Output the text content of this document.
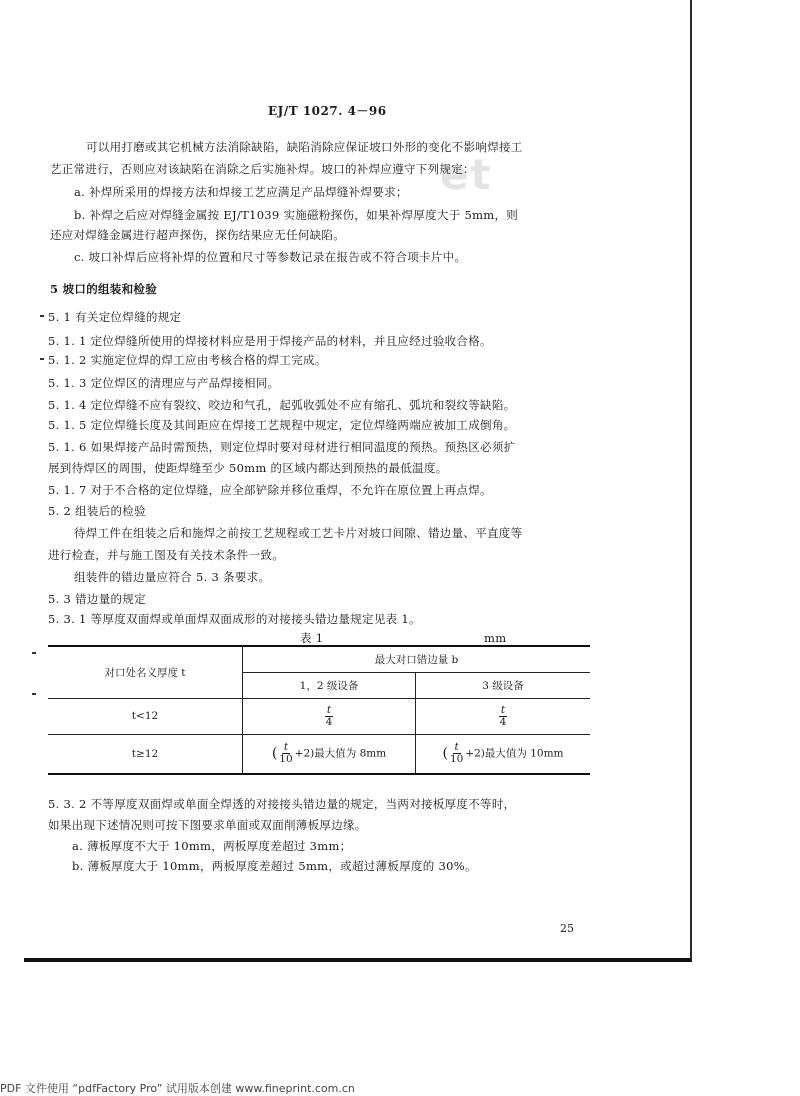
et
EJ/T 1027. 4－96
可以用打磨或其它机械方法消除缺陷，缺陷消除应保证坡口外形的变化不影响焊接工
艺正常进行，否则应对该缺陷在消除之后实施补焊。坡口的补焊应遵守下列规定：
a. 补焊所采用的焊接方法和焊接工艺应满足产品焊缝补焊要求；
b. 补焊之后应对焊缝金属按 EJ/T1039 实施磁粉探伤，如果补焊厚度大于 5mm，则
还应对焊缝金属进行超声探伤，探伤结果应无任何缺陷。
c. 坡口补焊后应将补焊的位置和尺寸等参数记录在报告或不符合项卡片中。
5 坡口的组装和检验
5. 1 有关定位焊缝的规定
5. 1. 1 定位焊缝所使用的焊接材料应是用于焊接产品的材料，并且应经过验收合格。
5. 1. 2 实施定位焊的焊工应由考核合格的焊工完成。
5. 1. 3 定位焊区的清理应与产品焊接相同。
5. 1. 4 定位焊缝不应有裂纹、咬边和气孔，起弧收弧处不应有缩孔、弧坑和裂纹等缺陷。
5. 1. 5 定位焊缝长度及其间距应在焊接工艺规程中规定，定位焊缝两端应被加工成倒角。
5. 1. 6 如果焊接产品时需预热，则定位焊时要对母材进行相同温度的预热。预热区必须扩
展到待焊区的周围，使距焊缝至少 50mm 的区域内都达到预热的最低温度。
5. 1. 7 对于不合格的定位焊缝，应全部铲除并移位重焊，不允许在原位置上再点焊。
5. 2 组装后的检验
待焊工件在组装之后和施焊之前按工艺规程或工艺卡片对坡口间隙、错边量、平直度等
进行检查，并与施工图及有关技术条件一致。
组装件的错边量应符合 5. 3 条要求。
5. 3 错边量的规定
5. 3. 1 等厚度双面焊或单面焊双面成形的对接接头错边量规定见表 1。
表 1	mm
对口处名义厚度 t	最大对口错边量 b	
	1，2 级设备	3 级设备
t<12	$\frac{t}{4}$	$\frac{t}{4}$

t≥12	( $\frac{t}{10} +2$)最大值为 8mm	( $\frac{t}{10} +2$)最大值为 10mm
5. 3. 2 不等厚度双面焊或单面全焊透的对接接头错边量的规定，当两对接板厚度不等时，
如果出现下述情况则可按下图要求单面或双面削薄板厚边缘。
a. 薄板厚度不大于 10mm，两板厚度差超过 3mm；
b. 薄板厚度大于 10mm，两板厚度差超过 5mm，或超过薄板厚度的 30%。
25
PDF 文件使用 “pdfFactory Pro” 试用版本创建 www.fineprint.com.cn
